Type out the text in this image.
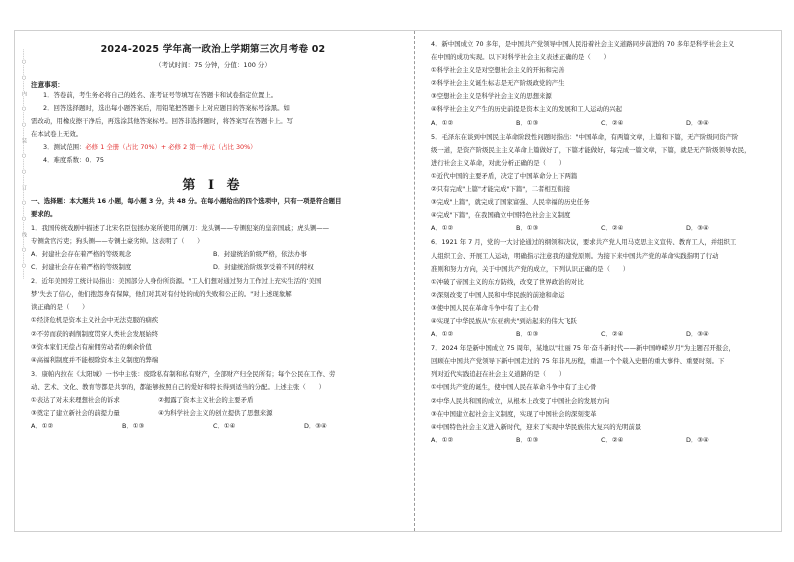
……○……○……内……○……○……装……○……○……订……○……○……线……○……○……	2024-2025 学年高一政治上学期第三次月考卷 02
（考试时间：75 分钟，分值：100 分）
注意事项：

1．答卷前，考生务必将自己的姓名、准考证号等填写在答题卡和试卷指定位置上。

2．回答选择题时，选出每小题答案后，用铅笔把答题卡上对应题目的答案标号涂黑。如

需改动，用橡皮擦干净后，再选涂其他答案标号。回答非选择题时，将答案写在答题卡上。写

在本试卷上无效。

3．测试范围：必修 1 全册（占比 70%）+ 必修 2 第一单元（占比 30%）

4．难度系数：0．75

第 I 卷

一、选择题：本大题共 16 小题，每小题 3 分，共 48 分。在每小题给出的四个选项中，只有一项是符合题目

要求的。

1．我国传统戏剧中描述了北宋名臣包拯办案所使用的铡刀：龙头铡——专铡犯案的皇亲国戚；虎头铡——

专铡贪官污吏；狗头铡——专铡土豪劣绅。这表明了（　　）

A．封建社会存在着严格的等级观念	B．封建统治阶级严格，依法办事
C．封建社会存在着严格的等级制度	D．封建统治阶级享受着不同的特权

2．近年美国劳工统计局指出：美国部分人身份所资源。"工人们想对通过努力工作过上充实生活的‘美国

梦’失去了信心，他们抱怨身有保障，他们对其对有付处的成的失败和公正的。"对上述现象解

读正确的是（　　）

①经济危机是资本主义社会中无法克服的痼疾

②不劳而获的剥削制度贯穿人类社会发展始终

③资本家们无偿占有雇佣劳动者的剩余价值

④高福利制度并不能根除资本主义制度的弊端

3．康帕内拉在《太阳城》一书中主张：废除私有制和私有财产，全部财产归全民所有；每个公民在工作、劳

动、艺术、文化、教育等都是共享的，都能够按照自己的爱好和特长得到适当的分配。上述主张（　　）

①表达了对未来理想社会的诉求　　　　　　②揭露了资本主义社会的主要矛盾

③奠定了建立新社会的前提力量　　　　　　④为科学社会主义的创立提供了思想来源

A．①②	B．①③	C．①④	D．③④

4．新中国成立 70 多年，是中国共产党领导中国人民沿着社会主义道路同步前进的 70 多年是科学社会主义

在中国的成功实现。以下对科学社会主义表述正确的是（　　）

①科学社会主义是对空想社会主义的开拓和完善

②科学社会主义诞生标志是无产阶级政党的产生

③空想社会主义是科学社会主义的思想来源

④科学社会主义产生的历史前提是资本主义的发展和工人运动的兴起

A．①②	B．①③	C．②④	D．③④

5．毛泽东在谈到中国民主革命阶段性问题时指出："中国革命，有两篇文章，上篇和下篇，无产阶级同资产阶

级一道，是资产阶级民主主义革命上篇做好了，下篇才能做好，每完成一篇文章，下篇，就是无产阶级领导农民，

进行社会主义革命，对此分析正确的是（　　）

①近代中国的主要矛盾，决定了中国革命分上下两篇

②只有完成"上篇"才能完成"下篇"，二者相互衔接

③完成"上篇"，就完成了国家富强、人民幸福的历史任务

④完成"下篇"，在我国确立中国特色社会主义制度

A．①②	B．①③	C．②④	D．③④

6．1921 年 7 月，党的一大讨论通过的纲领和决议，要求共产党人用马克思主义宣传、教育工人，并组织工

人组织工会、开展工人运动，明确指示注意我的建党原则。为接下来中国共产党的革命实践指明了行动

准则和努力方向，关于中国共产党的成立，下列认识正确的是（　　）

①冲破了帝国主义的东方防线，改变了世界政治的对比

②深刻改变了中国人民和中华民族的前途和命运

③使中国人民在革命斗争中有了主心骨

④实现了中华民族从"东亚病夫"到站起来的伟大飞跃

A．①②	B．①③	C．②④	D．③④

7．2024 年是新中国成立 75 周年，某地以"壮丽 75 年·奋斗新时代——新中国峥嵘岁月"为主题召开报会，

回顾在中国共产党领导下新中国走过的 75 年非凡历程，重温一个个载入史册的重大事件、重要时刻。下

列对近代实践追赶在社会主义道路的是（　　）

①中国共产党的诞生，使中国人民在革命斗争中有了主心骨

②中华人民共和国的成立，从根本上改变了中国社会的发展方向

③在中国建立起社会主义制度，实现了中国社会的深刻变革

④中国特色社会主义进入新时代，迎来了实现中华民族伟大复兴的光明前景

A．①②	B．①③	C．②④	D．③④
